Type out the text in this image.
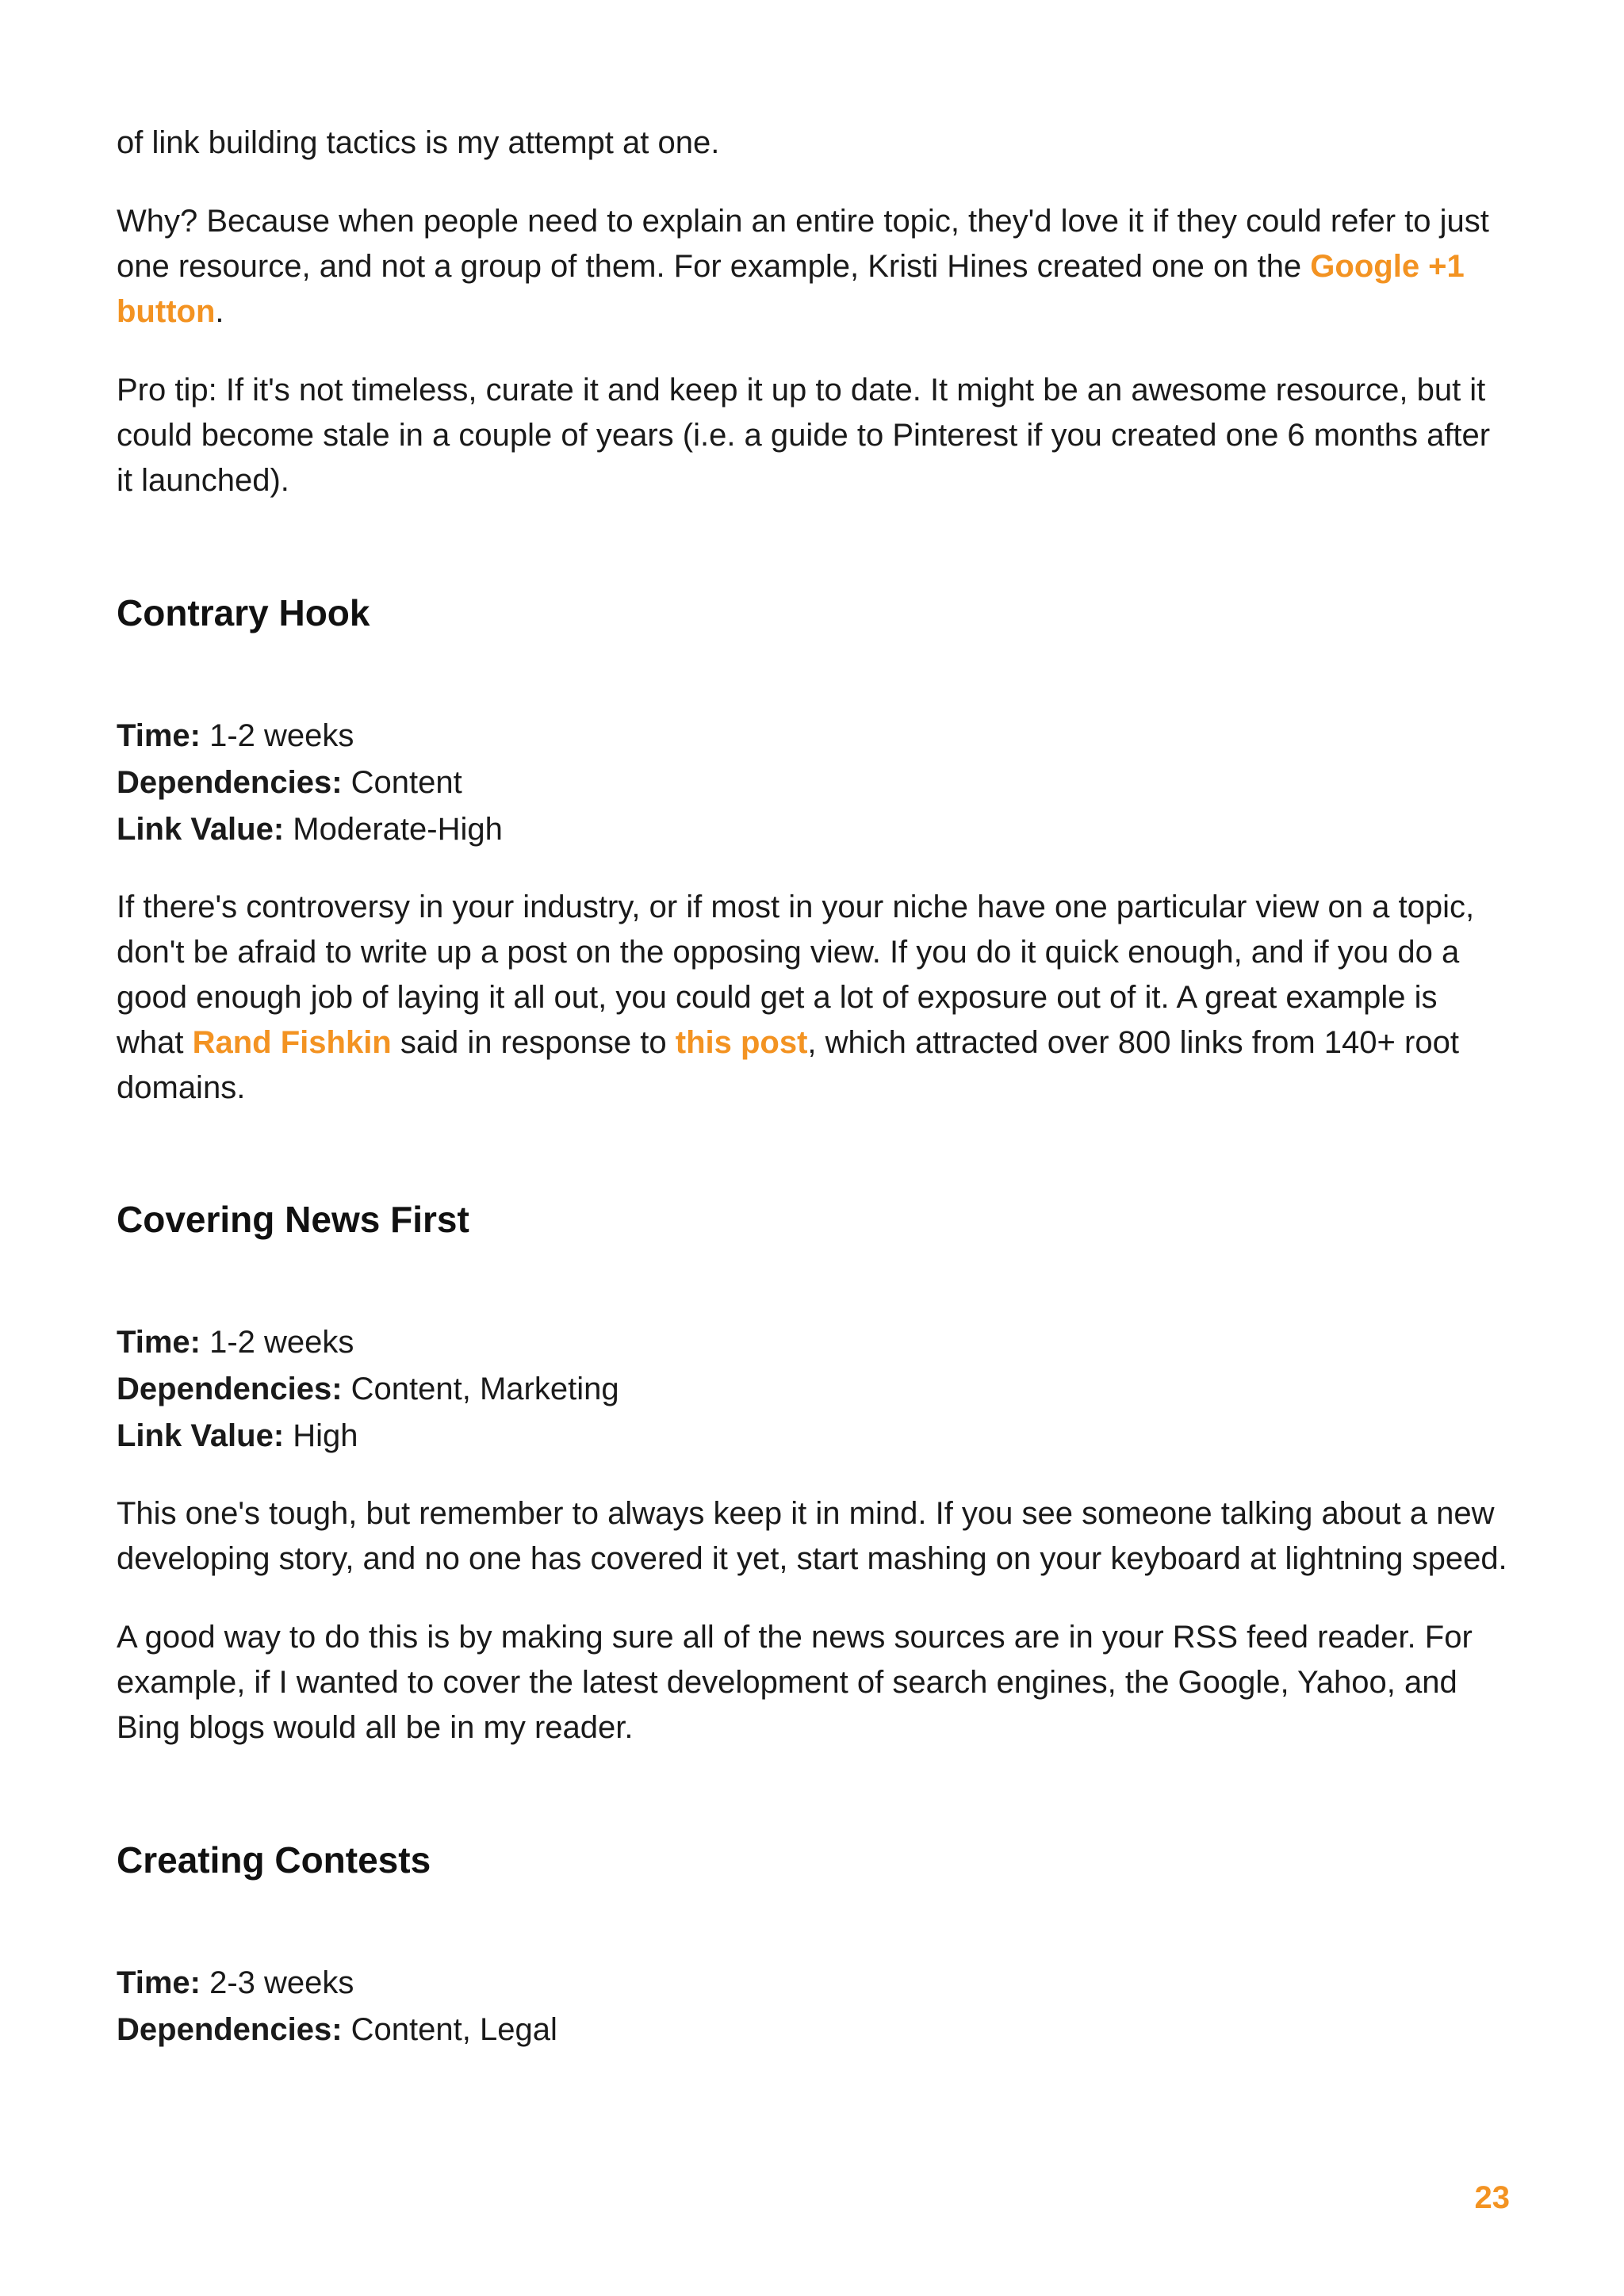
of link building tactics is my attempt at one.

Why? Because when people need to explain an entire topic, they'd love it if they could refer to just one resource, and not a group of them. For example, Kristi Hines created one on the Google +1 button.

Pro tip: If it's not timeless, curate it and keep it up to date. It might be an awesome resource, but it could become stale in a couple of years (i.e. a guide to Pinterest if you created one 6 months after it launched).

Contrary Hook
Time: 1-2 weeks
Dependencies: Content
Link Value: Moderate-High

If there's controversy in your industry, or if most in your niche have one particular view on a topic, don't be afraid to write up a post on the opposing view. If you do it quick enough, and if you do a good enough job of laying it all out, you could get a lot of exposure out of it. A great example is what Rand Fishkin said in response to this post, which attracted over 800 links from 140+ root domains.

Covering News First
Time: 1-2 weeks
Dependencies: Content, Marketing
Link Value: High

This one's tough, but remember to always keep it in mind. If you see someone talking about a new developing story, and no one has covered it yet, start mashing on your keyboard at lightning speed.

A good way to do this is by making sure all of the news sources are in your RSS feed reader. For example, if I wanted to cover the latest development of search engines, the Google, Yahoo, and Bing blogs would all be in my reader.

Creating Contests
Time: 2-3 weeks
Dependencies: Content, Legal
23
